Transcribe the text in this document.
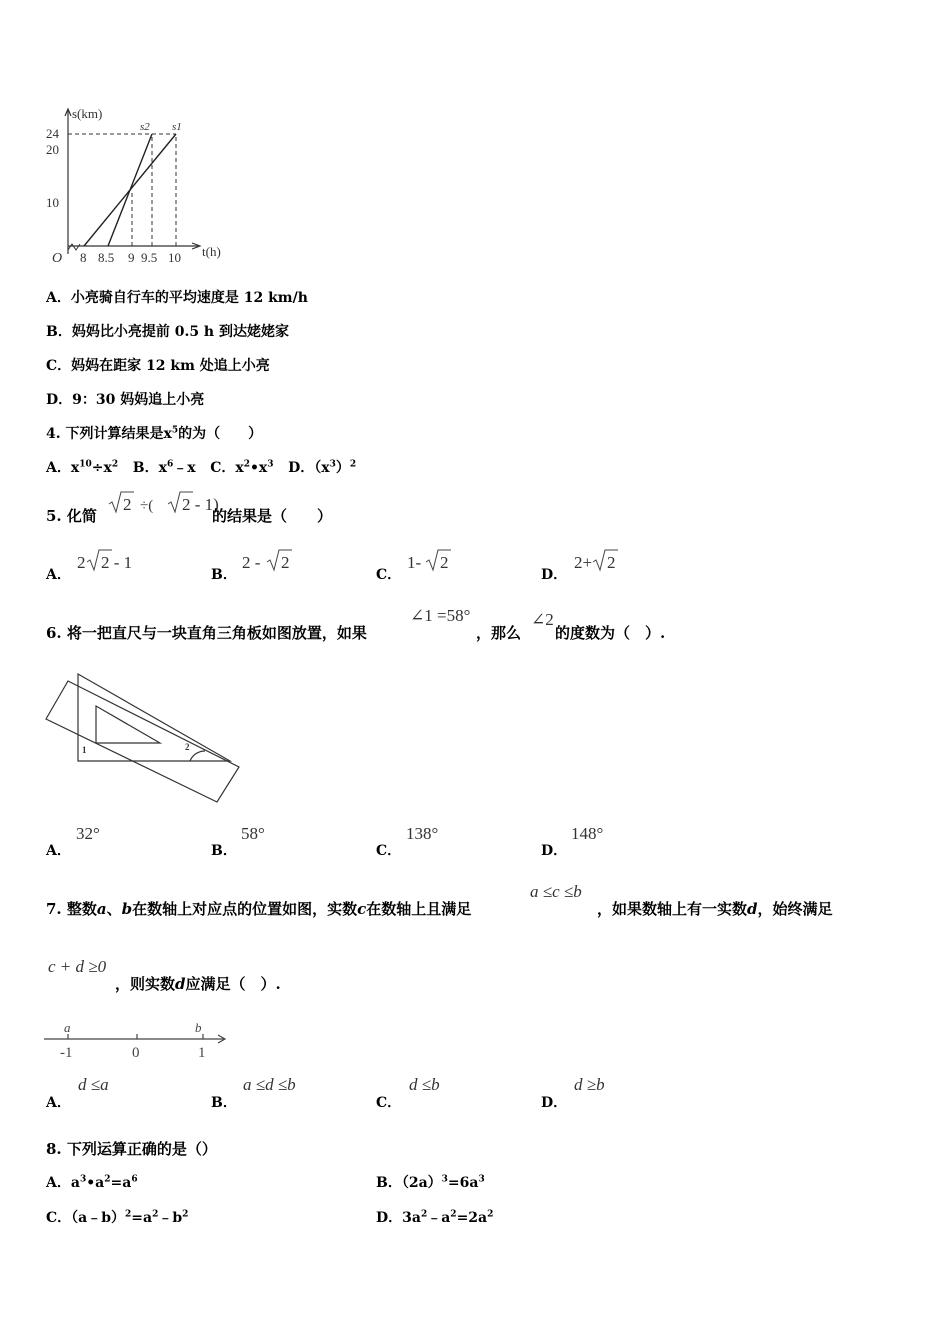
s(km)
24
20
10
O 8 8.5 9 9.5 10 t(h)
s2 s1
A．小亮骑自行车的平均速度是 12 km/h
B．妈妈比小亮提前 0.5 h 到达姥姥家
C．妈妈在距家 12 km 处追上小亮
D．9：30 妈妈追上小亮
4. 下列计算结果是$x^5$的为（　　）
A．$x^{10}\div x^2$ B．$x^6﹣x$ C．$x^2•x^3$ D．$(x^3)^2$
5. 化简
2 ÷( 2 - 1)
的结果是（　　）
A．
2 2 - 1
B．
2 - 2
C．
1- 2
D．
2+ 2
6. 将一把直尺与一块直角三角板如图放置，如果
∠1 =58°
，那么
∠2
的度数为（　）.
1	2
A．
32°
B．
58°
C．
138°
D．
148°
7. 整数a、b在数轴上对应点的位置如图，实数c在数轴上且满足
a ≤c ≤b
，如果数轴上有一实数d，始终满足
c + d ≥0
，则实数d应满足（　）.
a	b
-1	0	1
A．
d ≤a
B．
a ≤d ≤b
C．
d ≤b
D．
d ≥b
8. 下列运算正确的是（）
A．$a^3•a^2=a^6$	B．$(2a)^3=6a^3$
C．$(a﹣b)^2=a^2﹣b^2$	D．$3a^2﹣a^2=2a^2$
